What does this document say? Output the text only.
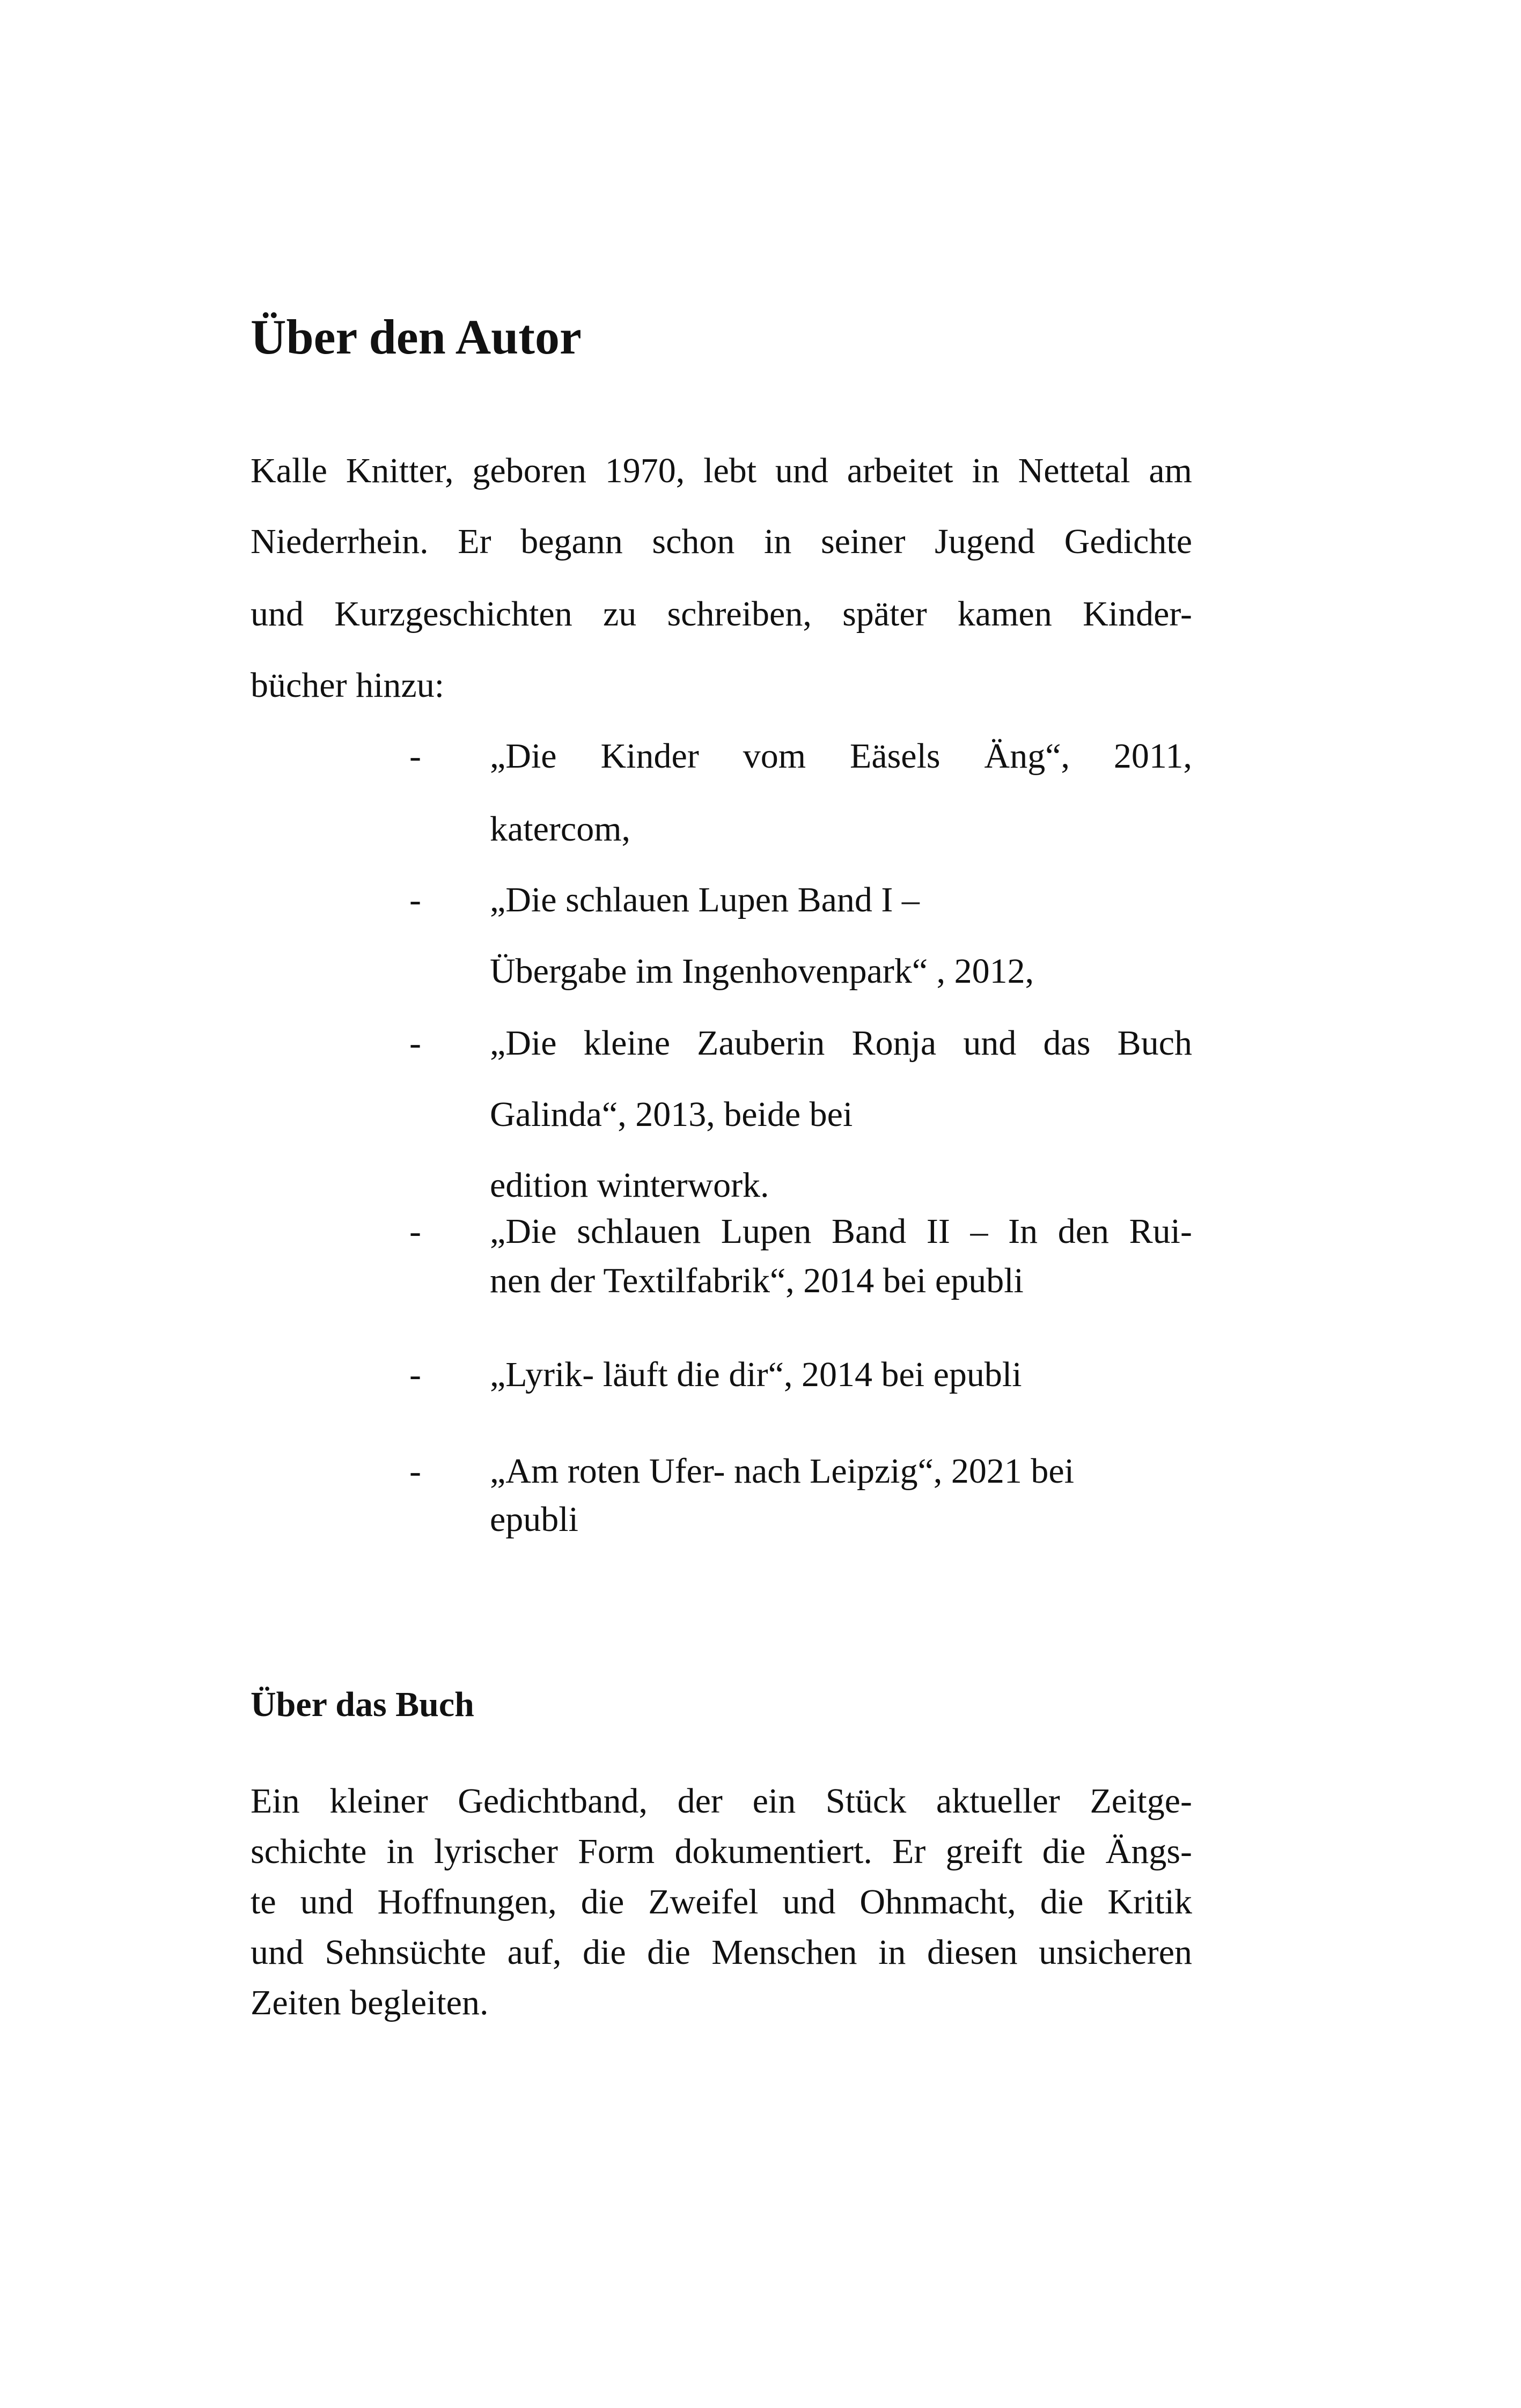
Über den Autor
Kalle Knitter, geboren 1970, lebt und arbeitet in Nettetal am
Niederrhein. Er begann schon in seiner Jugend Gedichte
und Kurzgeschichten zu schreiben, später kamen Kinder-
bücher hinzu:
- „Die Kinder vom Eäsels Äng“, 2011,
katercom,
- „Die schlauen Lupen Band I –
Übergabe im Ingenhovenpark“ , 2012,
- „Die kleine Zauberin Ronja und das Buch
Galinda“, 2013, beide bei
edition winterwork.
- „Die schlauen Lupen Band II – In den Rui-
nen der Textilfabrik“, 2014 bei epubli
- „Lyrik- läuft die dir“, 2014 bei epubli
- „Am roten Ufer- nach Leipzig“, 2021 bei
epubli
Über das Buch
Ein kleiner Gedichtband, der ein Stück aktueller Zeitge-
schichte in lyrischer Form dokumentiert. Er greift die Ängs-
te und Hoffnungen, die Zweifel und Ohnmacht, die Kritik
und Sehnsüchte auf, die die Menschen in diesen unsicheren
Zeiten begleiten.
